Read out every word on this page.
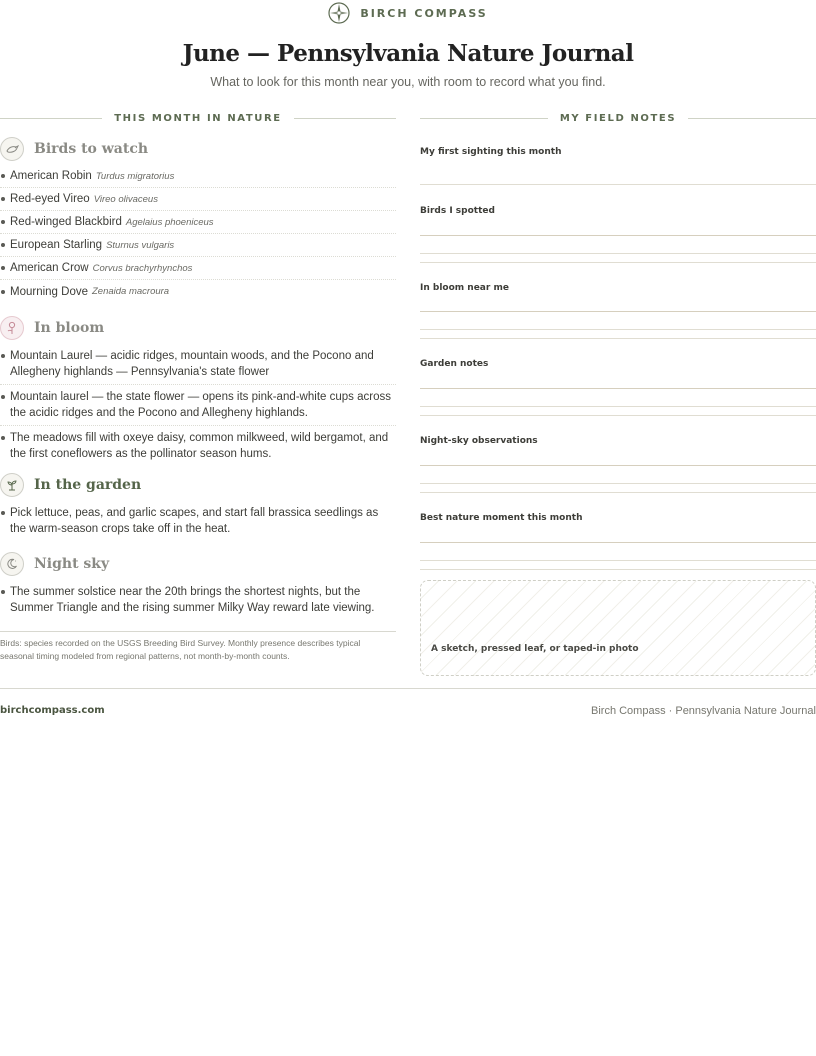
BIRCH COMPASS
June — Pennsylvania Nature Journal

What to look for this month near you, with room to record what you find.

THIS MONTH IN NATURE	MY FIELD NOTES
Birds to watch
American Robin Turdus migratorius
Red-eyed Vireo Vireo olivaceus
Red-winged Blackbird Agelaius phoeniceus
European Starling Sturnus vulgaris
American Crow Corvus brachyrhynchos
Mourning Dove Zenaida macroura
In bloom
Mountain Laurel — acidic ridges, mountain woods, and the Pocono and Allegheny highlands — Pennsylvania's state flower
Mountain laurel — the state flower — opens its pink-and-white cups across the acidic ridges and the Pocono and Allegheny highlands.
The meadows fill with oxeye daisy, common milkweed, wild bergamot, and the first coneflowers as the pollinator season hums.
In the garden
Pick lettuce, peas, and garlic scapes, and start fall brassica seedlings as the warm-season crops take off in the heat.
Night sky
The summer solstice near the 20th brings the shortest nights, but the Summer Triangle and the rising summer Milky Way reward late viewing.

Birds: species recorded on the USGS Breeding Bird Survey. Monthly presence describes typical seasonal timing modeled from regional patterns, not month-by-month counts.

My first sighting this month
Birds I spotted
In bloom near me
Garden notes
Night-sky observations
Best nature moment this month
A sketch, pressed leaf, or taped-in photo
birchcompass.com	Birch Compass · Pennsylvania Nature Journal
